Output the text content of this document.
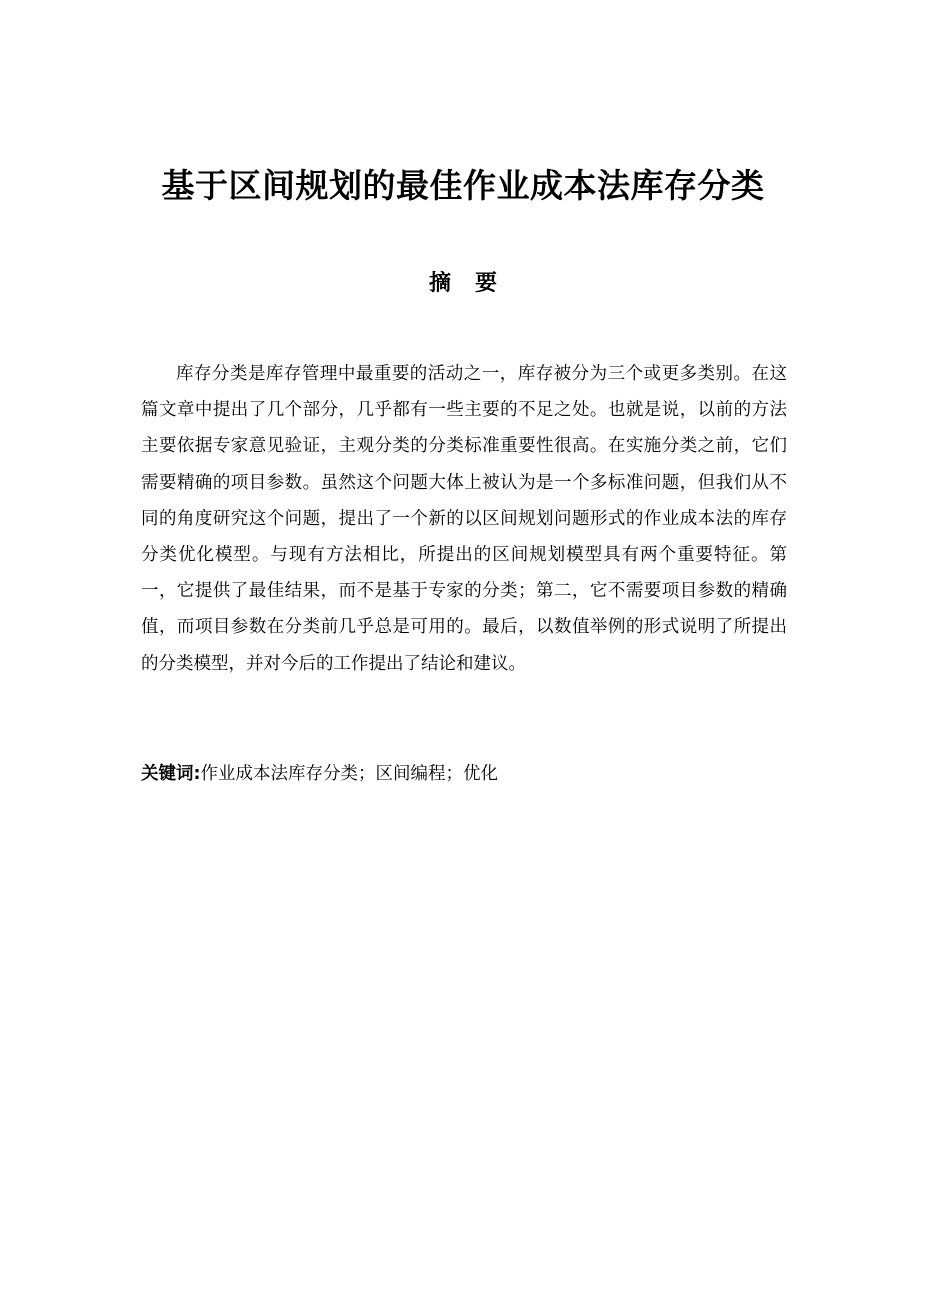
基于区间规划的最佳作业成本法库存分类
摘 要

库存分类是库存管理中最重要的活动之一，库存被分为三个或更多类别。在这篇文章中提出了几个部分，几乎都有一些主要的不足之处。也就是说，以前的方法主要依据专家意见验证，主观分类的分类标准重要性很高。在实施分类之前，它们需要精确的项目参数。虽然这个问题大体上被认为是一个多标准问题，但我们从不同的角度研究这个问题，提出了一个新的以区间规划问题形式的作业成本法的库存分类优化模型。与现有方法相比，所提出的区间规划模型具有两个重要特征。第一，它提供了最佳结果，而不是基于专家的分类；第二，它不需要项目参数的精确值，而项目参数在分类前几乎总是可用的。最后，以数值举例的形式说明了所提出的分类模型，并对今后的工作提出了结论和建议。

关键词:作业成本法库存分类；区间编程；优化
